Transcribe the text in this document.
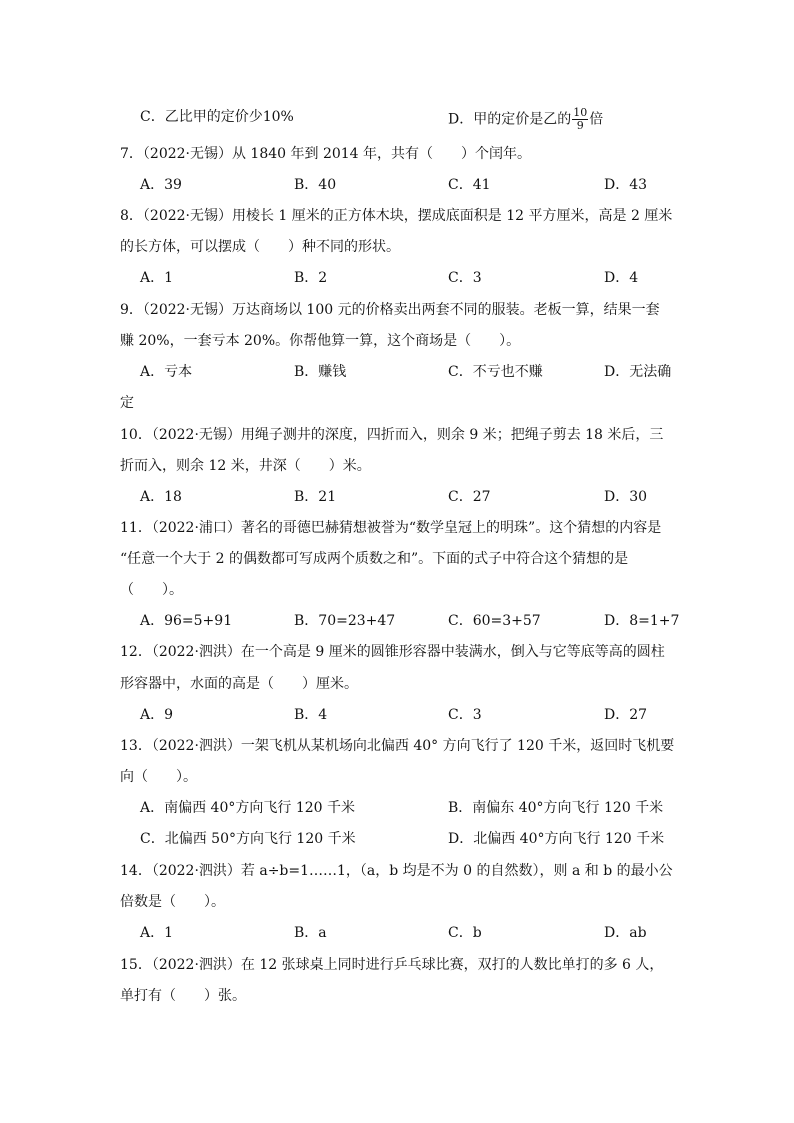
C．乙比甲的定价少10%	D．甲的定价是乙的 $\frac{10}{9}$ 倍
7．（2022·无锡）从 1840 年到 2014 年，共有（　　）个闰年。
A．39	B．40	C．41	D．43
8．（2022·无锡）用棱长 1 厘米的正方体木块，摆成底面积是 12 平方厘米，高是 2 厘米
的长方体，可以摆成（　　）种不同的形状。
A．1	B．2	C．3	D．4
9．（2022·无锡）万达商场以 100 元的价格卖出两套不同的服装。老板一算，结果一套
赚 20%，一套亏本 20%。你帮他算一算，这个商场是（　　）。
A．亏本	B．赚钱	C．不亏也不赚	D．无法确
定
10．（2022·无锡）用绳子测井的深度，四折而入，则余 9 米；把绳子剪去 18 米后，三
折而入，则余 12 米，井深（　　）米。
A．18	B．21	C．27	D．30
11．（2022·浦口）著名的哥德巴赫猜想被誉为“数学皇冠上的明珠”。这个猜想的内容是
“任意一个大于 2 的偶数都可写成两个质数之和”。下面的式子中符合这个猜想的是
（　　）。
A．96=5+91	B．70=23+47	C．60=3+57	D．8=1+7
12．（2022·泗洪）在一个高是 9 厘米的圆锥形容器中装满水，倒入与它等底等高的圆柱
形容器中，水面的高是（　　）厘米。
A．9	B．4	C．3	D．27
13．（2022·泗洪）一架飞机从某机场向北偏西 40° 方向飞行了 120 千米，返回时飞机要
向（　　）。
A．南偏西 40°方向飞行 120 千米	B．南偏东 40°方向飞行 120 千米
C．北偏西 50°方向飞行 120 千米	D．北偏西 40°方向飞行 120 千米
14．（2022·泗洪）若 a÷b=1……1，（a，b 均是不为 0 的自然数），则 a 和 b 的最小公
倍数是（　　）。
A．1	B．a	C．b	D．ab
15．（2022·泗洪）在 12 张球桌上同时进行乒乓球比赛，双打的人数比单打的多 6 人，
单打有（　　）张。
